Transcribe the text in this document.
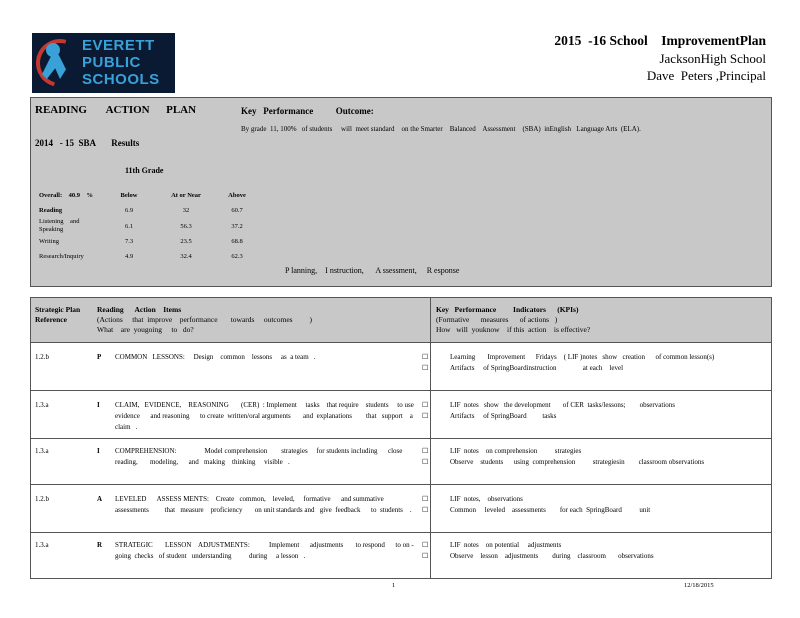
EVERETT
PUBLIC
SCHOOLS
2015  -16 School    ImprovementPlan
JacksonHigh School
Dave  Peters ,Principal
READING       ACTION      PLAN
2014   - 15  SBA       Results
Key   Performance          Outcome:
By grade  11, 100%   of students     will  meet standard    on the Smarter    Balanced    Assessment    (SBA)  inEnglish   Language Arts  (ELA).
11th Grade
Overall:    40.9    %	Below	At or Near	Above
Reading	6.9	32	60.7
Listening    and Speaking	6.1	56.3	37.2
Writing	7.3	23.5	68.8
Research/Inquiry	4.9	32.4	62.3
P lanning,    I nstruction,      A ssessment,     R esponse
Strategic Plan Reference
Reading      Action    Items
(Actions     that  improve    performance       towards     outcomes         )
What    are  yougoing     to   do?
Key   Performance         Indicators      (KPIs)
(Formative      measures      of actions   )
How   will  youknow    if this  action    is effective?
1.2.b	P COMMON   LESSONS:     Design    common    lessons     as  a team   .	☐	Learning       Improvement      Fridays    ( LIF )notes   show   creation      of common lesson(s)
☐	Artifacts     of SpringBoardinstruction               at each    level
1.3.a	I CLAIM,   EVIDENCE,    REASONING       (CER)  : Implement     tasks    that require    students     to use evidence      and reasoning      to create  written/oral arguments       and  explanations        that   support    a claim   .
☐	LIF  notes   show   the development       of CER  tasks/lessons;        observations
☐	Artifacts     of SpringBoard         tasks
1.3.a	I COMPREHENSION:                Model comprehension        strategies     for students including      close reading,       modeling,      and   making    thinking     visible   .
☐	LIF  notes    on comprehension          strategies
☐	Observe    students      using  comprehension          strategiesin        classroom observations
1.2.b	A LEVELED      ASSESS MENTS:    Create   common,    leveled,     formative      and summative      assessments         that   measure    proficiency       on unit standards and   give  feedback      to  students    .
☐	LIF  notes,    observations
☐	Common     leveled    assessments        for each  SpringBoard          unit
1.3.a	R STRATEGIC       LESSON    ADJUSTMENTS:           Implement      adjustments       to respond      to on -going  checks   of student   understanding          during     a lesson   .
☐	LIF  notes    on potential     adjustments
☐	Observe    lesson    adjustments        during    classroom       observations
1	12/18/2015
